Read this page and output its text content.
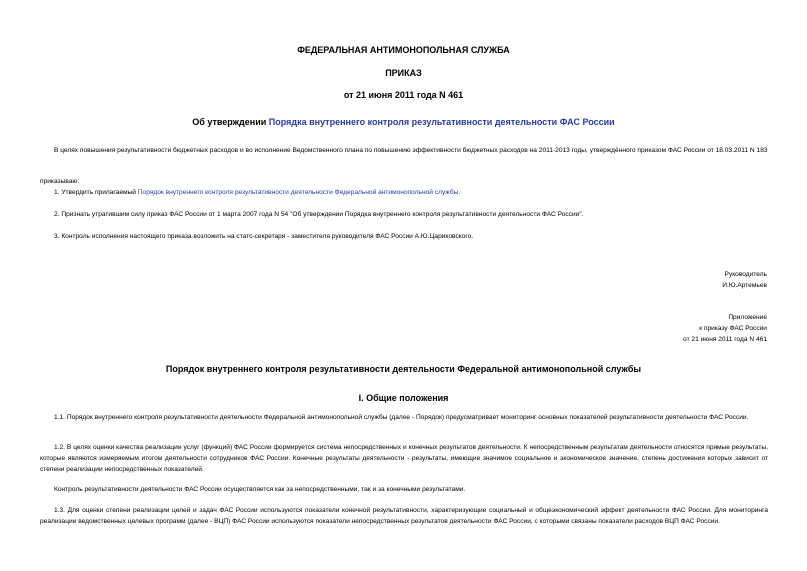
ФЕДЕРАЛЬНАЯ АНТИМОНОПОЛЬНАЯ СЛУЖБА
ПРИКАЗ
от 21 июня 2011 года N 461
Об утверждении Порядка внутреннего контроля результативности деятельности ФАС России
В целях повышения результативности бюджетных расходов и во исполнение Ведомственного плана по повышению эффективности бюджетных расходов на 2011-2013 годы, утверждённого приказом ФАС России от 18.03.2011 N 183
приказываю:
1. Утвердить прилагаемый Порядок внутреннего контроля результативности деятельности Федеральной антимонопольной службы.
2. Признать утратившим силу приказ ФАС России от 1 марта 2007 года N 54 "Об утверждении Порядка внутреннего контроля результативности деятельности ФАС России".
3. Контроль исполнения настоящего приказа возложить на статс-секретаря - заместителя руководителя ФАС России А.Ю.Цариковского.
Руководитель
И.Ю.Артемьев
Приложение
к приказу ФАС России
от 21 июня 2011 года N 461
Порядок внутреннего контроля результативности деятельности Федеральной антимонопольной службы
I. Общие положения
1.1. Порядок внутреннего контроля результативности деятельности Федеральной антимонопольной службы (далее - Порядок) предусматривает мониторинг основных показателей результативности деятельности ФАС России.
1.2. В целях оценки качества реализации услуг (функций) ФАС России формируется система непосредственных и конечных результатов деятельности. К непосредственным результатам деятельности относятся прямые результаты, которые являются измеряемым итогом деятельности сотрудников ФАС России. Конечные результаты деятельности - результаты, имеющие значимое социальное и экономическое значение, степень достижения которых зависит от степени реализации непосредственных показателей.
Контроль результативности деятельности ФАС России осуществляется как за непосредственными, так и за конечными результатами.
1.3. Для оценки степени реализации целей и задач ФАС России используются показатели конечной результативности, характеризующие социальный и общеэкономический эффект деятельности ФАС России. Для мониторинга реализации ведомственных целевых программ (далее - ВЦП) ФАС России используются показатели непосредственных результатов деятельности ФАС России, с которыми связаны показатели расходов ВЦП ФАС России.
